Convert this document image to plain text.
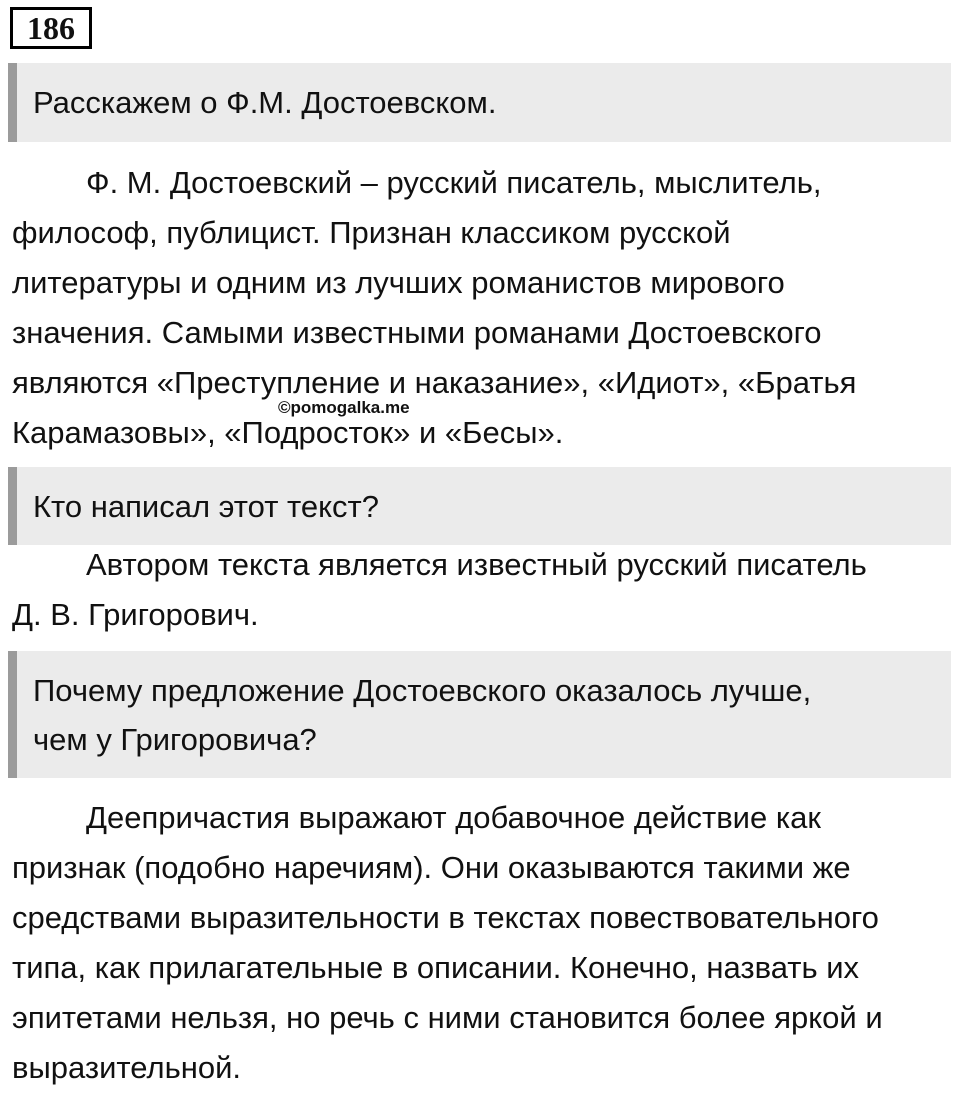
186
Расскажем о Ф.М. Достоевском.
Ф. М. Достоевский – русский писатель, мыслитель,
философ, публицист. Признан классиком русской
литературы и одним из лучших романистов мирового
значения. Самыми известными романами Достоевского
являются «Преступление и наказание», «Идиот», «Братья
Карамазовы», «Подросток» и «Бесы».
©pomogalka.me
Кто написал этот текст?
Автором текста является известный русский писатель
Д. В. Григорович.
Почему предложение Достоевского оказалось лучше,
чем у Григоровича?
Деепричастия выражают добавочное действие как
признак (подобно наречиям). Они оказываются такими же
средствами выразительности в текстах повествовательного
типа, как прилагательные в описании. Конечно, назвать их
эпитетами нельзя, но речь с ними становится более яркой и
выразительной.
